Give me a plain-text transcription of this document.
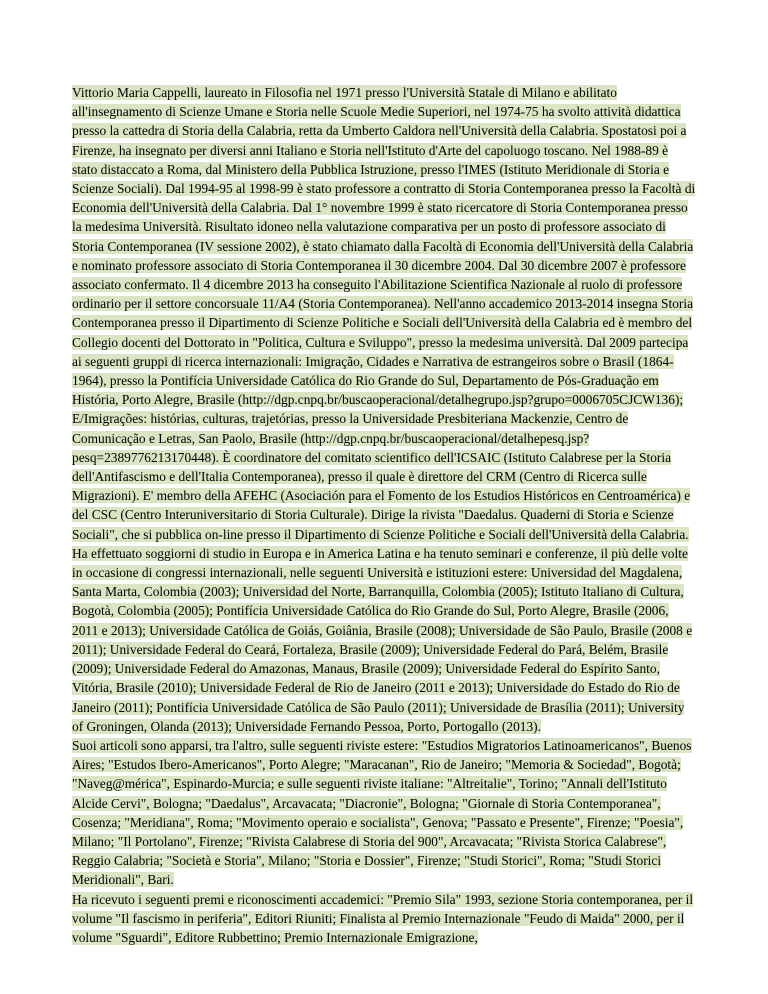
Vittorio Maria Cappelli, laureato in Filosofia nel 1971 presso l'Università Statale di Milano e abilitato all'insegnamento di Scienze Umane e Storia nelle Scuole Medie Superiori, nel 1974-75 ha svolto attività didattica presso la cattedra di Storia della Calabria, retta da Umberto Caldora nell'Università della Calabria. Spostatosi poi a Firenze, ha insegnato per diversi anni Italiano e Storia nell'Istituto d'Arte del capoluogo toscano. Nel 1988-89 è stato distaccato a Roma, dal Ministero della Pubblica Istruzione, presso l'IMES (Istituto Meridionale di Storia e Scienze Sociali). Dal 1994-95 al 1998-99 è stato professore a contratto di Storia Contemporanea presso la Facoltà di Economia dell'Università della Calabria. Dal 1° novembre 1999 è stato ricercatore di Storia Contemporanea presso la medesima Università. Risultato idoneo nella valutazione comparativa per un posto di professore associato di Storia Contemporanea (IV sessione 2002), è stato chiamato dalla Facoltà di Economia dell'Università della Calabria e nominato professore associato di Storia Contemporanea il 30 dicembre 2004. Dal 30 dicembre 2007 è professore associato confermato. Il 4 dicembre 2013 ha conseguito l'Abilitazione Scientifica Nazionale al ruolo di professore ordinario per il settore concorsuale 11/A4 (Storia Contemporanea). Nell'anno accademico 2013-2014 insegna Storia Contemporanea presso il Dipartimento di Scienze Politiche e Sociali dell'Università della Calabria ed è membro del Collegio docenti del Dottorato in "Politica, Cultura e Sviluppo", presso la medesima università. Dal 2009 partecipa ai seguenti gruppi di ricerca internazionali: Imigração, Cidades e Narrativa de estrangeiros sobre o Brasil (1864-1964), presso la Pontifícia Universidade Católica do Rio Grande do Sul, Departamento de Pós-Graduação em História, Porto Alegre, Brasile (http://dgp.cnpq.br/buscaoperacional/detalhegrupo.jsp?grupo=0006705CJCW136); E/Imigrações: histórias, culturas, trajetórias, presso la Universidade Presbiteriana Mackenzie, Centro de Comunicação e Letras, San Paolo, Brasile (http://dgp.cnpq.br/buscaoperacional/detalhepesq.jsp?pesq=2389776213170448). È coordinatore del comitato scientifico dell'ICSAIC (Istituto Calabrese per la Storia dell'Antifascismo e dell'Italia Contemporanea), presso il quale è direttore del CRM (Centro di Ricerca sulle Migrazioni). E' membro della AFEHC (Asociación para el Fomento de los Estudios Históricos en Centroamérica) e del CSC (Centro Interuniversitario di Storia Culturale). Dirige la rivista "Daedalus. Quaderni di Storia e Scienze Sociali", che si pubblica on-line presso il Dipartimento di Scienze Politiche e Sociali dell'Università della Calabria.

Ha effettuato soggiorni di studio in Europa e in America Latina e ha tenuto seminari e conferenze, il più delle volte in occasione di congressi internazionali, nelle seguenti Università e istituzioni estere: Universidad del Magdalena, Santa Marta, Colombia (2003); Universidad del Norte, Barranquilla, Colombia (2005); Istituto Italiano di Cultura, Bogotà, Colombia (2005); Pontifícia Universidade Católica do Rio Grande do Sul, Porto Alegre, Brasile (2006, 2011 e 2013); Universidade Católica de Goiás, Goiânia, Brasile (2008); Universidade de São Paulo, Brasile (2008 e 2011); Universidade Federal do Ceará, Fortaleza, Brasile (2009); Universidade Federal do Pará, Belém, Brasile (2009); Universidade Federal do Amazonas, Manaus, Brasile (2009); Universidade Federal do Espírito Santo, Vitória, Brasile (2010); Universidade Federal de Rio de Janeiro (2011 e 2013); Universidade do Estado do Rio de Janeiro (2011); Pontifícia Universidade Católica de São Paulo (2011); Universidade de Brasília (2011); University of Groningen, Olanda (2013); Universidade Fernando Pessoa, Porto, Portogallo (2013).

Suoi articoli sono apparsi, tra l'altro, sulle seguenti riviste estere: "Estudios Migratorios Latinoamericanos", Buenos Aires; "Estudos Ibero-Americanos", Porto Alegre; "Maracanan", Rio de Janeiro; "Memoria & Sociedad", Bogotà; "Naveg@mérica", Espinardo-Murcia; e sulle seguenti riviste italiane: "Altreitalie", Torino; "Annali dell'Istituto Alcide Cervi", Bologna; "Daedalus", Arcavacata; "Diacronie", Bologna; "Giornale di Storia Contemporanea", Cosenza; "Meridiana", Roma; "Movimento operaio e socialista", Genova; "Passato e Presente", Firenze; "Poesia", Milano; "Il Portolano", Firenze; "Rivista Calabrese di Storia del 900", Arcavacata; "Rivista Storica Calabrese", Reggio Calabria; "Società e Storia", Milano; "Storia e Dossier", Firenze; "Studi Storici", Roma; "Studi Storici Meridionali", Bari.

Ha ricevuto i seguenti premi e riconoscimenti accademici: "Premio Sila" 1993, sezione Storia contemporanea, per il volume "Il fascismo in periferia", Editori Riuniti; Finalista al Premio Internazionale "Feudo di Maida" 2000, per il volume "Sguardi", Editore Rubbettino; Premio Internazionale Emigrazione,
